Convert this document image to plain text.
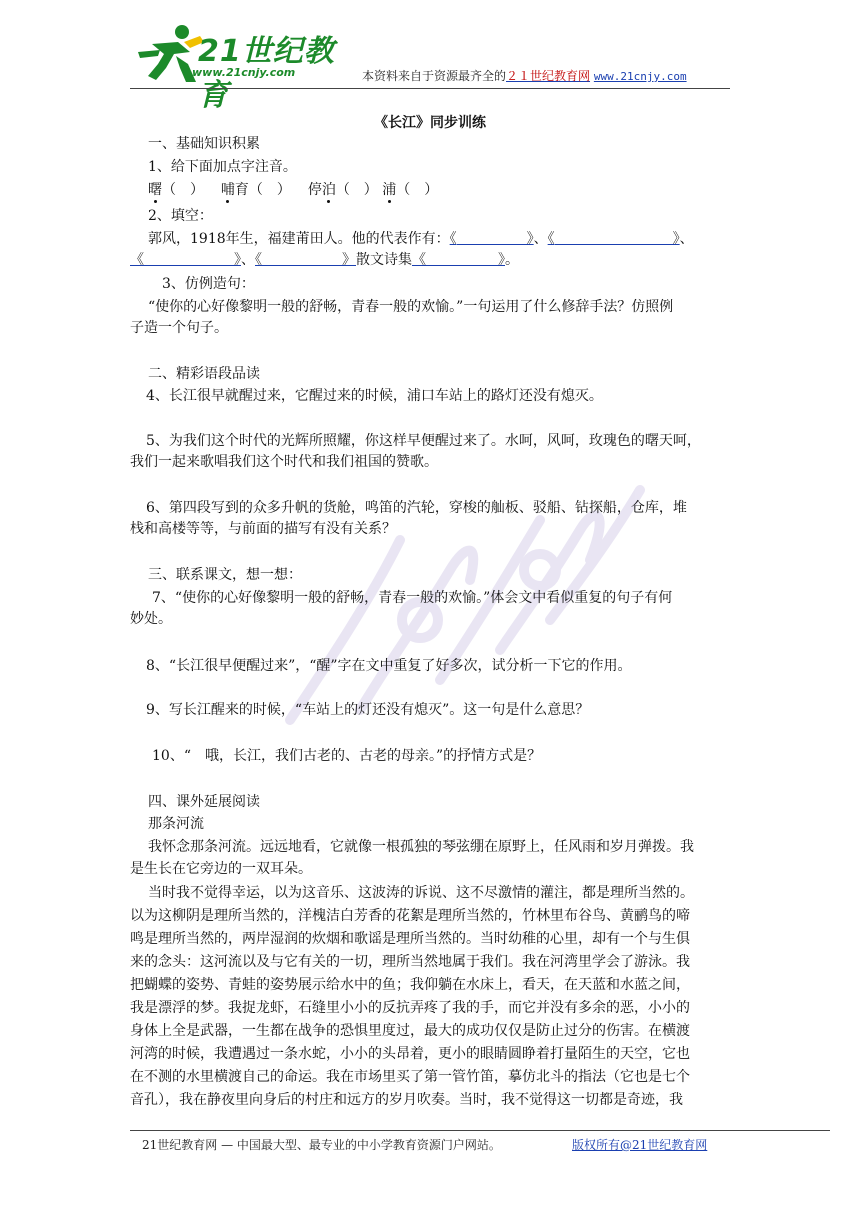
21世纪教育
www.21cnjy.com	本资料来自于资源最齐全的２１世纪教育网 www.21cnjy.com
《长江》同步训练
一、基础知识积累
1、给下面加点字注音。
曙（　） 哺育（　） 停泊（　） 浦（　）
2、填空：
郭风，1918年生，福建莆田人。他的代表作有：《	》、《	》、
《	》、《	》散文诗集《	》。
3、仿例造句：
“使你的心好像黎明一般的舒畅，青春一般的欢愉。”一句运用了什么修辞手法？仿照例
子造一个句子。
二、精彩语段品读
4、长江很早就醒过来，它醒过来的时候，浦口车站上的路灯还没有熄灭。
5、为我们这个时代的光辉所照耀，你这样早便醒过来了。水呵，风呵，玫瑰色的曙天呵，
我们一起来歌唱我们这个时代和我们祖国的赞歌。
6、第四段写到的众多升帆的货舱，鸣笛的汽轮，穿梭的舢板、驳船、钻探船，仓库，堆
栈和高楼等等，与前面的描写有没有关系？
三、联系课文，想一想：
7、“使你的心好像黎明一般的舒畅，青春一般的欢愉。”体会文中看似重复的句子有何
妙处。
8、“长江很早便醒过来”，“醒”字在文中重复了好多次，试分析一下它的作用。
9、写长江醒来的时候，“车站上的灯还没有熄灭”。这一句是什么意思？
10、“　哦，长江，我们古老的、古老的母亲。”的抒情方式是？
四、课外延展阅读
那条河流
我怀念那条河流。远远地看，它就像一根孤独的琴弦绷在原野上，任风雨和岁月弹拨。我
是生长在它旁边的一双耳朵。
当时我不觉得幸运，以为这音乐、这波涛的诉说、这不尽激情的灌注，都是理所当然的。
以为这柳阴是理所当然的，洋槐洁白芳香的花絮是理所当然的，竹林里布谷鸟、黄鹂鸟的啼
鸣是理所当然的，两岸湿润的炊烟和歌谣是理所当然的。当时幼稚的心里，却有一个与生俱
来的念头：这河流以及与它有关的一切，理所当然地属于我们。我在河湾里学会了游泳。我
把蝴蝶的姿势、青蛙的姿势展示给水中的鱼；我仰躺在水床上，看天，在天蓝和水蓝之间，
我是漂浮的梦。我捉龙虾，石缝里小小的反抗弄疼了我的手，而它并没有多余的恶，小小的
身体上全是武器，一生都在战争的恐惧里度过，最大的成功仅仅是防止过分的伤害。在横渡
河湾的时候，我遭遇过一条水蛇，小小的头昂着，更小的眼睛圆睁着打量陌生的天空，它也
在不测的水里横渡自己的命运。我在市场里买了第一管竹笛，摹仿北斗的指法（它也是七个
音孔），我在静夜里向身后的村庄和远方的岁月吹奏。当时，我不觉得这一切都是奇迹，我
21世纪教育网 — 中国最大型、最专业的中小学教育资源门户网站。	版权所有@21世纪教育网
